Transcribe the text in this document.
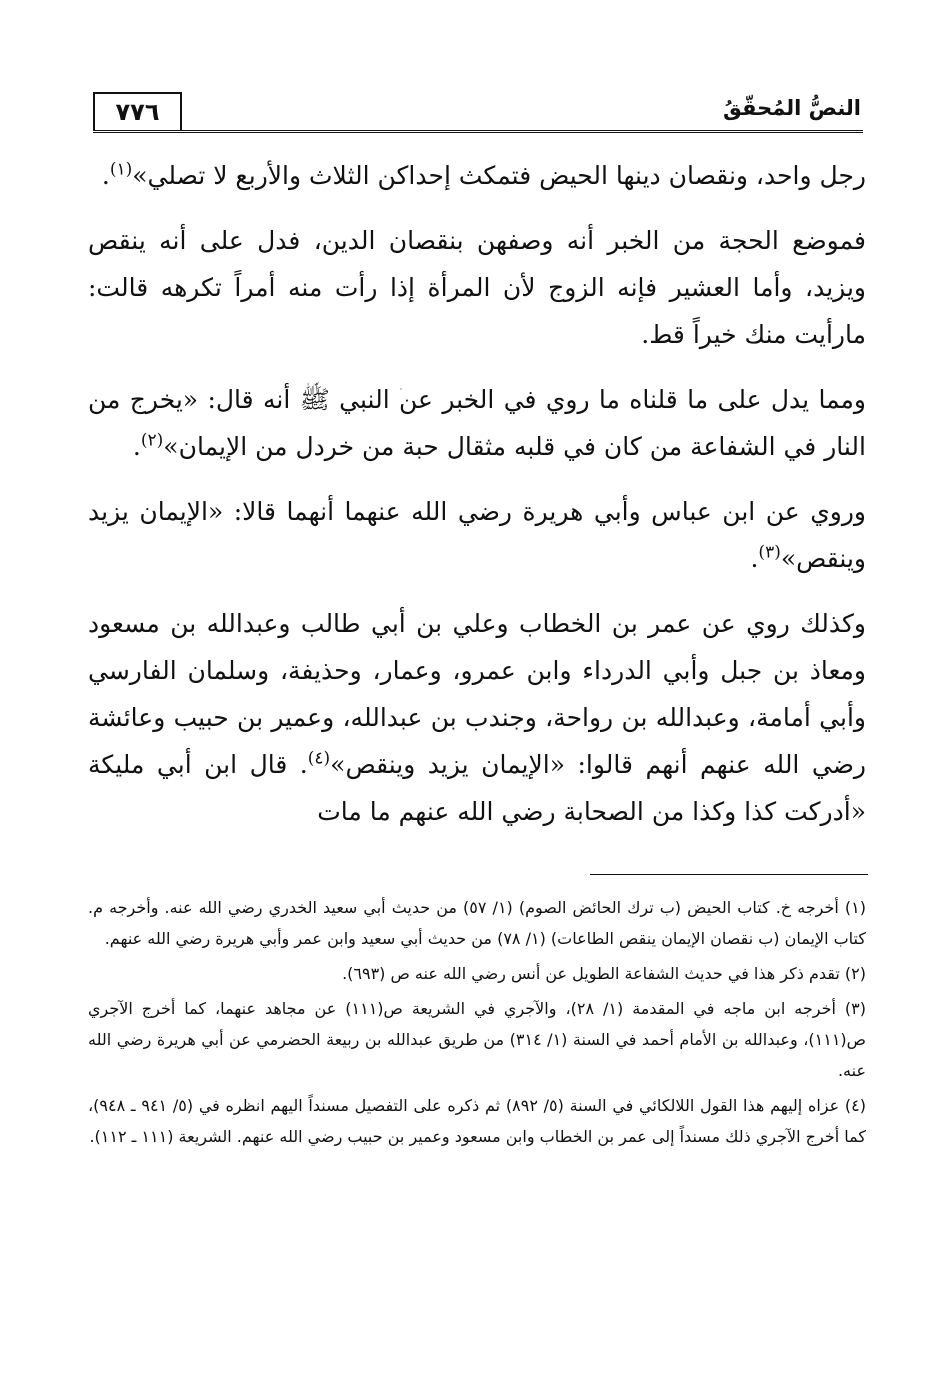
٧٧٦	النصُّ المُحقّقُ

رجل واحد، ونقصان دينها الحيض فتمكث إحداكن الثلاث والأربع لا تصلي»$^{(١)}$.

فموضع الحجة من الخبر أنه وصفهن بنقصان الدين، فدل على أنه ينقص ويزيد، وأما العشير فإنه الزوج لأن المرأة إذا رأت منه أمراً تكرهه قالت: مارأيت منك خيراً قط.

ومما يدل على ما قلناه ما روي في الخبر عن النبي ﷺ أنه قال: «يخرج من النار في الشفاعة من كان في قلبه مثقال حبة من خردل من الإيمان»$^{(٢)}$.

وروي عن ابن عباس وأبي هريرة رضي الله عنهما أنهما قالا: «الإيمان يزيد وينقص»$^{(٣)}$.

وكذلك روي عن عمر بن الخطاب وعلي بن أبي طالب وعبدالله بن مسعود ومعاذ بن جبل وأبي الدرداء وابن عمرو، وعمار، وحذيفة، وسلمان الفارسي وأبي أمامة، وعبدالله بن رواحة، وجندب بن عبدالله، وعمير بن حبيب وعائشة رضي الله عنهم أنهم قالوا: «الإيمان يزيد وينقص»$^{(٤)}$. قال ابن أبي مليكة «أدركت كذا وكذا من الصحابة رضي الله عنهم ما مات

(١) أخرجه خ. كتاب الحيض (ب ترك الحائض الصوم) (١/ ٥٧) من حديث أبي سعيد الخدري رضي الله عنه. وأخرجه م. كتاب الإيمان (ب نقصان الإيمان ينقص الطاعات) (١/ ٧٨) من حديث أبي سعيد وابن عمر وأبي هريرة رضي الله عنهم.
(٢) تقدم ذكر هذا في حديث الشفاعة الطويل عن أنس رضي الله عنه ص (٦٩٣).
(٣) أخرجه ابن ماجه في المقدمة (١/ ٢٨)، والآجري في الشريعة ص(١١١) عن مجاهد عنهما، كما أخرج الآجري ص(١١١)، وعبدالله بن الأمام أحمد في السنة (١/ ٣١٤) من طريق عبدالله بن ربيعة الحضرمي عن أبي هريرة رضي الله عنه.
(٤) عزاه إليهم هذا القول اللالكائي في السنة (٥/ ٨٩٢) ثم ذكره على التفصيل مسنداً اليهم انظره في (٥/ ٩٤١ ـ ٩٤٨)، كما أخرج الآجري ذلك مسنداً إلى عمر بن الخطاب وابن مسعود وعمير بن حبيب رضي الله عنهم. الشريعة (١١١ ـ ١١٢).
